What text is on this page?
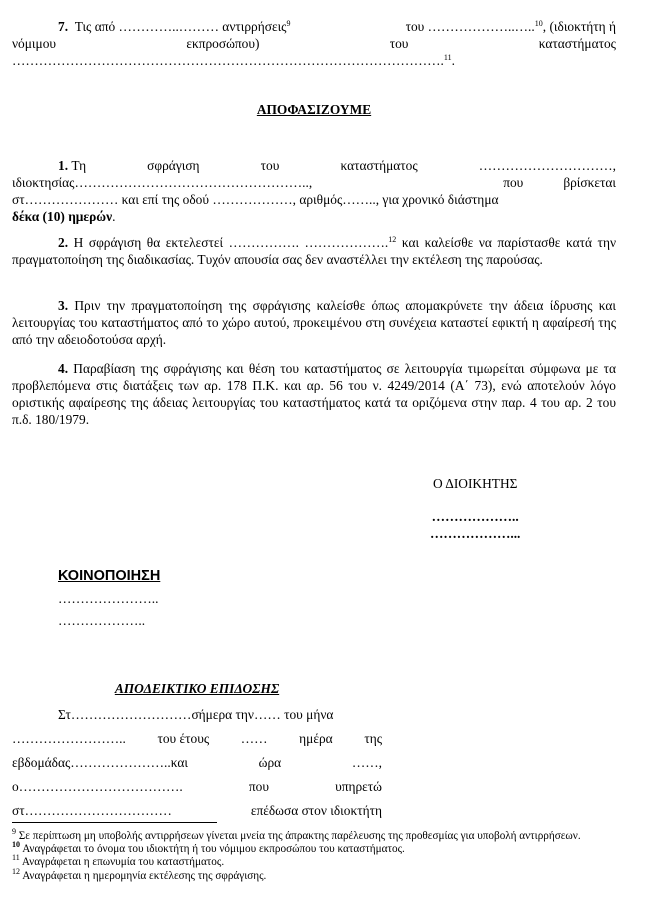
7. Τις από …………..……… αντιρρήσεις$^9$	του ………………..…..$^{10}$, (ιδιοκτήτη ή
νόμιμου	εκπροσώπου)	του	καταστήματος
…………………………………………………………………………………….$^{11}$.

ΑΠΟΦΑΣΙΖΟΥΜΕ

1. Τη	σφράγιση	του	καταστήματος	…………………………,
ιδιοκτησίας……………………………………………..,	που	βρίσκεται
στ………………… και επί της οδού ………………, αριθμός…….., για χρονικό διάστημα
δέκα (10) ημερών.

2. Η σφράγιση θα εκτελεστεί ……………. ……………….$^{12}$ και καλείσθε να παρίστασθε κατά την πραγματοποίηση της διαδικασίας. Τυχόν απουσία σας δεν αναστέλλει την εκτέλεση της παρούσας.

3. Πριν την πραγματοποίηση της σφράγισης καλείσθε όπως απομακρύνετε την άδεια ίδρυσης και λειτουργίας του καταστήματος από το χώρο αυτού, προκειμένου στη συνέχεια καταστεί εφικτή η αφαίρεσή της από την αδειοδοτούσα αρχή.

4. Παραβίαση της σφράγισης και θέση του καταστήματος σε λειτουργία τιμωρείται σύμφωνα με τα προβλεπόμενα στις διατάξεις των αρ. 178 Π.Κ. και αρ. 56 του ν. 4249/2014 (Α΄ 73), ενώ αποτελούν λόγο οριστικής αφαίρεσης της άδειας λειτουργίας του καταστήματος κατά τα οριζόμενα στην παρ. 4 του αρ. 2 του π.δ. 180/1979.

Ο ΔΙΟΙΚΗΤΗΣ
………………..
………………...

ΚΟΙΝΟΠΟΙΗΣΗ

…………………..
………………..

ΑΠΟΔΕΙΚΤΙΚΟ ΕΠΙΔΟΣΗΣ

Στ………………………σήμερα την…… του μήνα
…………………….. του έτους …… ημέρα της
εβδομάδας…………………..και	ώρα	……,
ο……………………………….	που	υπηρετώ
στ……………………………	επέδωσα στον ιδιοκτήτη

$^9$ Σε περίπτωση μη υποβολής αντιρρήσεων γίνεται μνεία της άπρακτης παρέλευσης της προθεσμίας για υποβολή αντιρρήσεων.

$^{10}$ Αναγράφεται το όνομα του ιδιοκτήτη ή του νόμιμου εκπροσώπου του καταστήματος.

$^{11}$ Αναγράφεται η επωνυμία του καταστήματος.

$^{12}$ Αναγράφεται η ημερομηνία εκτέλεσης της σφράγισης.
